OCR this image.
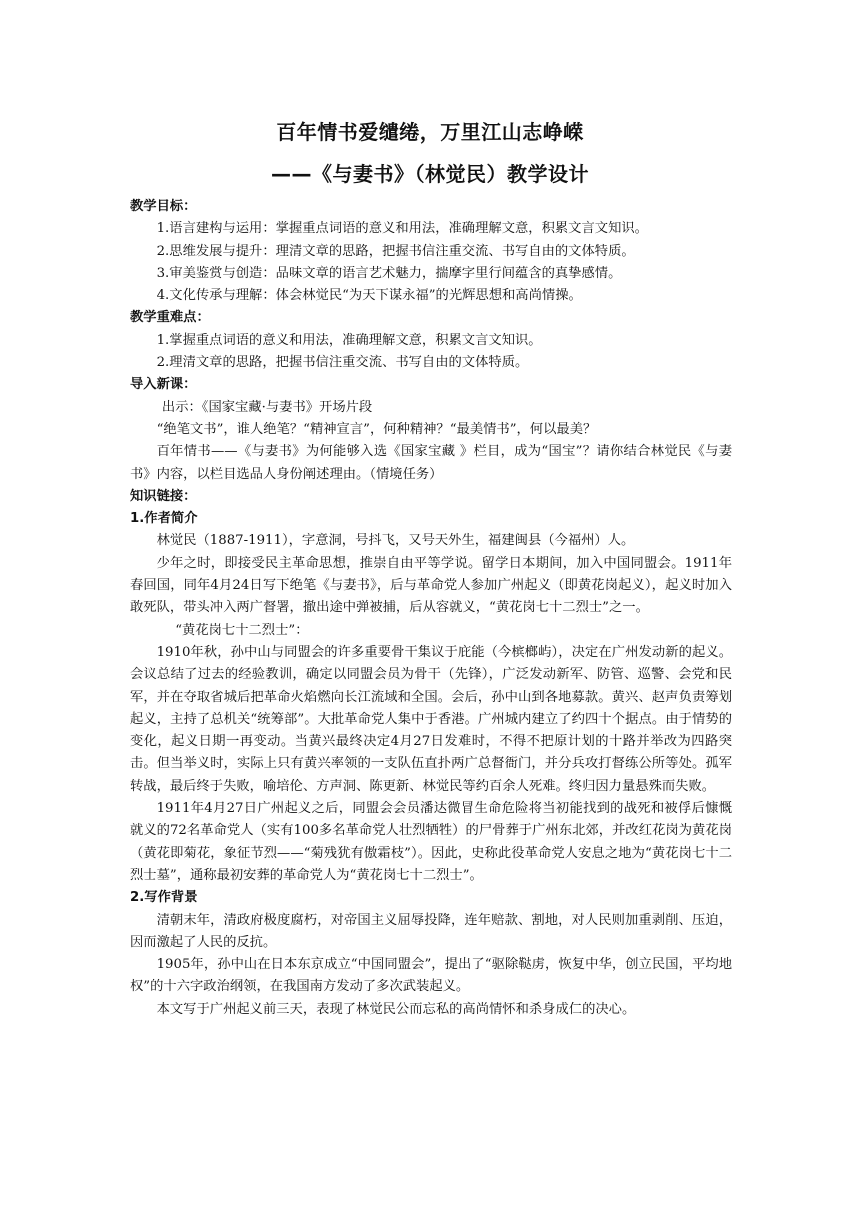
百年情书爱缱绻，万里江山志峥嵘
——《与妻书》（林觉民）教学设计

教学目标：

1.语言建构与运用：掌握重点词语的意义和用法，准确理解文意，积累文言文知识。

2.思维发展与提升：理清文章的思路，把握书信注重交流、书写自由的文体特质。

3.审美鉴赏与创造：品味文章的语言艺术魅力，揣摩字里行间蕴含的真挚感情。

4.文化传承与理解：体会林觉民“为天下谋永福”的光辉思想和高尚情操。

教学重难点：

1.掌握重点词语的意义和用法，准确理解文意，积累文言文知识。

2.理清文章的思路，把握书信注重交流、书写自由的文体特质。

导入新课：

出示：《国家宝藏·与妻书》开场片段

“绝笔文书”，谁人绝笔？“精神宣言”，何种精神？“最美情书”，何以最美？

百年情书——《与妻书》为何能够入选《国家宝藏 》栏目，成为“国宝”？请你结合林觉民《与妻书》内容，以栏目选品人身份阐述理由。（情境任务）

知识链接：

1.作者简介

林觉民（1887-1911），字意洞，号抖飞，又号天外生，福建闽县（今福州）人。

少年之时，即接受民主革命思想，推崇自由平等学说。留学日本期间，加入中国同盟会。1911年春回国，同年4月24日写下绝笔《与妻书》，后与革命党人参加广州起义（即黄花岗起义），起义时加入敢死队，带头冲入两广督署，撤出途中弹被捕，后从容就义，“黄花岗七十二烈士”之一。

“黄花岗七十二烈士”：

1910年秋，孙中山与同盟会的许多重要骨干集议于庇能（今槟榔屿），决定在广州发动新的起义。会议总结了过去的经验教训，确定以同盟会员为骨干（先锋），广泛发动新军、防管、巡警、会党和民军，并在夺取省城后把革命火焰燃向长江流域和全国。会后，孙中山到各地募款。黄兴、赵声负责筹划起义，主持了总机关“统筹部”。大批革命党人集中于香港。广州城内建立了约四十个据点。由于情势的变化，起义日期一再变动。当黄兴最终决定4月27日发难时，不得不把原计划的十路并举改为四路突击。但当举义时，实际上只有黄兴率领的一支队伍直扑两广总督衙门，并分兵攻打督练公所等处。孤军转战，最后终于失败，喻培伦、方声洞、陈更新、林觉民等约百余人死难。终归因力量悬殊而失败。

1911年4月27日广州起义之后，同盟会会员潘达微冒生命危险将当初能找到的战死和被俘后慷慨就义的72名革命党人（实有100多名革命党人壮烈牺牲）的尸骨葬于广州东北郊，并改红花岗为黄花岗（黄花即菊花，象征节烈——“菊残犹有傲霜枝”）。因此，史称此役革命党人安息之地为“黄花岗七十二烈士墓”，通称最初安葬的革命党人为“黄花岗七十二烈士”。

2.写作背景

清朝末年，清政府极度腐朽，对帝国主义屈辱投降，连年赔款、割地，对人民则加重剥削、压迫，因而激起了人民的反抗。

1905年，孙中山在日本东京成立“中国同盟会”，提出了“驱除鞑虏，恢复中华，创立民国，平均地权”的十六字政治纲领，在我国南方发动了多次武装起义。

本文写于广州起义前三天，表现了林觉民公而忘私的高尚情怀和杀身成仁的决心。
